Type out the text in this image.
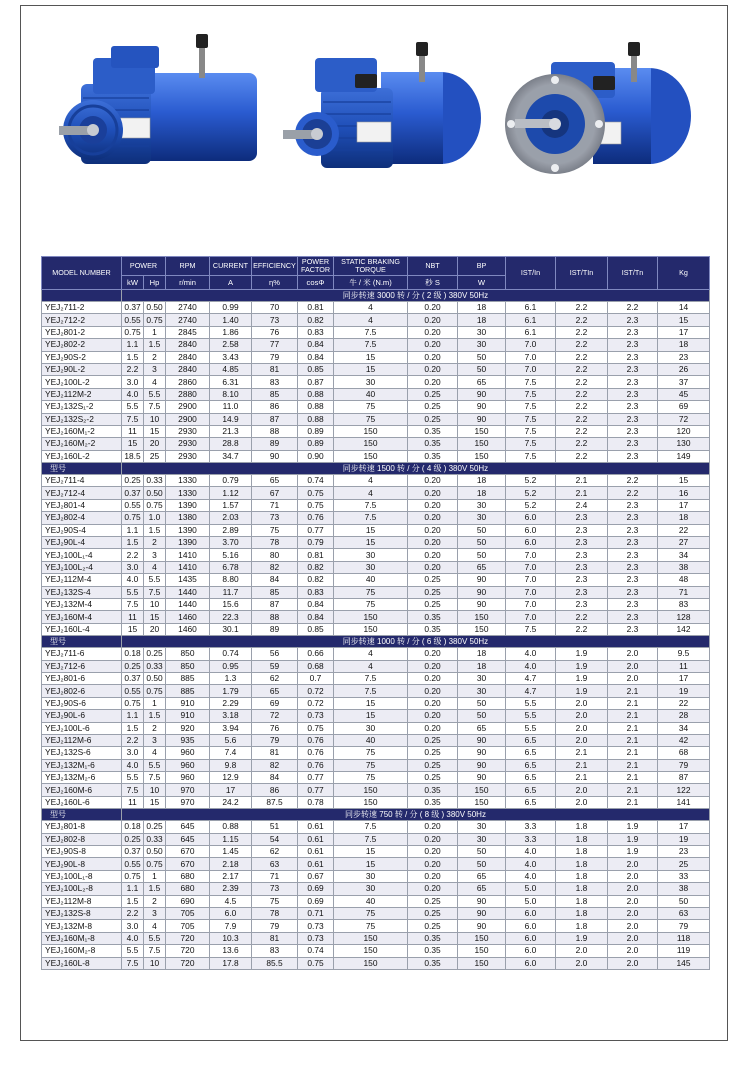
MODEL NUMBER	POWER		RPM	CURRENT	EFFICIENCY	POWER FACTOR	STATIC BRAKING TORQUE	NBT	BP	IST/In	IST/TIn	IST/Tn	Kg
	kW	Hp	r/min	A	η%	cosΦ	牛 / 米 (N.m)	秒 S	W				
	同步转速 3000 转 / 分 ( 2 级 ) 380V 50Hz												
YEJ₂711-2	0.37	0.50	2740	0.99	70	0.81	4	0.20	18	6.1	2.2	2.2	14
YEJ₂712-2	0.55	0.75	2740	1.40	73	0.82	4	0.20	18	6.1	2.2	2.3	15
YEJ₂801-2	0.75	1	2845	1.86	76	0.83	7.5	0.20	30	6.1	2.2	2.3	17
YEJ₂802-2	1.1	1.5	2840	2.58	77	0.84	7.5	0.20	30	7.0	2.2	2.3	18
YEJ₂90S-2	1.5	2	2840	3.43	79	0.84	15	0.20	50	7.0	2.2	2.3	23
YEJ₂90L-2	2.2	3	2840	4.85	81	0.85	15	0.20	50	7.0	2.2	2.3	26
YEJ₂100L-2	3.0	4	2860	6.31	83	0.87	30	0.20	65	7.5	2.2	2.3	37
YEJ₂112M-2	4.0	5.5	2880	8.10	85	0.88	40	0.25	90	7.5	2.2	2.3	45
YEJ₂132S₁-2	5.5	7.5	2900	11.0	86	0.88	75	0.25	90	7.5	2.2	2.3	69
YEJ₂132S₂-2	7.5	10	2900	14.9	87	0.88	75	0.25	90	7.5	2.2	2.3	72
YEJ₂160M₁-2	11	15	2930	21.3	88	0.89	150	0.35	150	7.5	2.2	2.3	120
YEJ₂160M₂-2	15	20	2930	28.8	89	0.89	150	0.35	150	7.5	2.2	2.3	130
YEJ₂160L-2	18.5	25	2930	34.7	90	0.90	150	0.35	150	7.5	2.2	2.3	149
型号	同步转速 1500 转 / 分 ( 4 级 ) 380V 50Hz												
YEJ₂711-4	0.25	0.33	1330	0.79	65	0.74	4	0.20	18	5.2	2.1	2.2	15
YEJ₂712-4	0.37	0.50	1330	1.12	67	0.75	4	0.20	18	5.2	2.1	2.2	16
YEJ₂801-4	0.55	0.75	1390	1.57	71	0.75	7.5	0.20	30	5.2	2.4	2.3	17
YEJ₂802-4	0.75	1.0	1380	2.03	73	0.76	7.5	0.20	30	6.0	2.3	2.3	18
YEJ₂90S-4	1.1	1.5	1390	2.89	75	0.77	15	0.20	50	6.0	2.3	2.3	22
YEJ₂90L-4	1.5	2	1390	3.70	78	0.79	15	0.20	50	6.0	2.3	2.3	27
YEJ₂100L₁-4	2.2	3	1410	5.16	80	0.81	30	0.20	50	7.0	2.3	2.3	34
YEJ₂100L₂-4	3.0	4	1410	6.78	82	0.82	30	0.20	65	7.0	2.3	2.3	38
YEJ₂112M-4	4.0	5.5	1435	8.80	84	0.82	40	0.25	90	7.0	2.3	2.3	48
YEJ₂132S-4	5.5	7.5	1440	11.7	85	0.83	75	0.25	90	7.0	2.3	2.3	71
YEJ₂132M-4	7.5	10	1440	15.6	87	0.84	75	0.25	90	7.0	2.3	2.3	83
YEJ₂160M-4	11	15	1460	22.3	88	0.84	150	0.35	150	7.0	2.2	2.3	128
YEJ₂160L-4	15	20	1460	30.1	89	0.85	150	0.35	150	7.5	2.2	2.3	142
型号	同步转速 1000 转 / 分 ( 6 级 ) 380V 50Hz												
YEJ₂711-6	0.18	0.25	850	0.74	56	0.66	4	0.20	18	4.0	1.9	2.0	9.5
YEJ₂712-6	0.25	0.33	850	0.95	59	0.68	4	0.20	18	4.0	1.9	2.0	11
YEJ₂801-6	0.37	0.50	885	1.3	62	0.7	7.5	0.20	30	4.7	1.9	2.0	17
YEJ₂802-6	0.55	0.75	885	1.79	65	0.72	7.5	0.20	30	4.7	1.9	2.1	19
YEJ₂90S-6	0.75	1	910	2.29	69	0.72	15	0.20	50	5.5	2.0	2.1	22
YEJ₂90L-6	1.1	1.5	910	3.18	72	0.73	15	0.20	50	5.5	2.0	2.1	28
YEJ₂100L-6	1.5	2	920	3.94	76	0.75	30	0.20	65	5.5	2.0	2.1	34
YEJ₂112M-6	2.2	3	935	5.6	79	0.76	40	0.25	90	6.5	2.0	2.1	42
YEJ₂132S-6	3.0	4	960	7.4	81	0.76	75	0.25	90	6.5	2.1	2.1	68
YEJ₂132M₁-6	4.0	5.5	960	9.8	82	0.76	75	0.25	90	6.5	2.1	2.1	79
YEJ₂132M₂-6	5.5	7.5	960	12.9	84	0.77	75	0.25	90	6.5	2.1	2.1	87
YEJ₂160M-6	7.5	10	970	17	86	0.77	150	0.35	150	6.5	2.0	2.1	122
YEJ₂160L-6	11	15	970	24.2	87.5	0.78	150	0.35	150	6.5	2.0	2.1	141
型号	同步转速 750 转 / 分 ( 8 级 ) 380V 50Hz												
YEJ₂801-8	0.18	0.25	645	0.88	51	0.61	7.5	0.20	30	3.3	1.8	1.9	17
YEJ₂802-8	0.25	0.33	645	1.15	54	0.61	7.5	0.20	30	3.3	1.8	1.9	19
YEJ₂90S-8	0.37	0.50	670	1.45	62	0.61	15	0.20	50	4.0	1.8	1.9	23
YEJ₂90L-8	0.55	0.75	670	2.18	63	0.61	15	0.20	50	4.0	1.8	2.0	25
YEJ₂100L₁-8	0.75	1	680	2.17	71	0.67	30	0.20	65	4.0	1.8	2.0	33
YEJ₂100L₂-8	1.1	1.5	680	2.39	73	0.69	30	0.20	65	5.0	1.8	2.0	38
YEJ₂112M-8	1.5	2	690	4.5	75	0.69	40	0.25	90	5.0	1.8	2.0	50
YEJ₂132S-8	2.2	3	705	6.0	78	0.71	75	0.25	90	6.0	1.8	2.0	63
YEJ₂132M-8	3.0	4	705	7.9	79	0.73	75	0.25	90	6.0	1.8	2.0	79
YEJ₂160M₁-8	4.0	5.5	720	10.3	81	0.73	150	0.35	150	6.0	1.9	2.0	118
YEJ₂160M₂-8	5.5	7.5	720	13.6	83	0.74	150	0.35	150	6.0	2.0	2.0	119
YEJ₂160L-8	7.5	10	720	17.8	85.5	0.75	150	0.35	150	6.0	2.0	2.0	145
